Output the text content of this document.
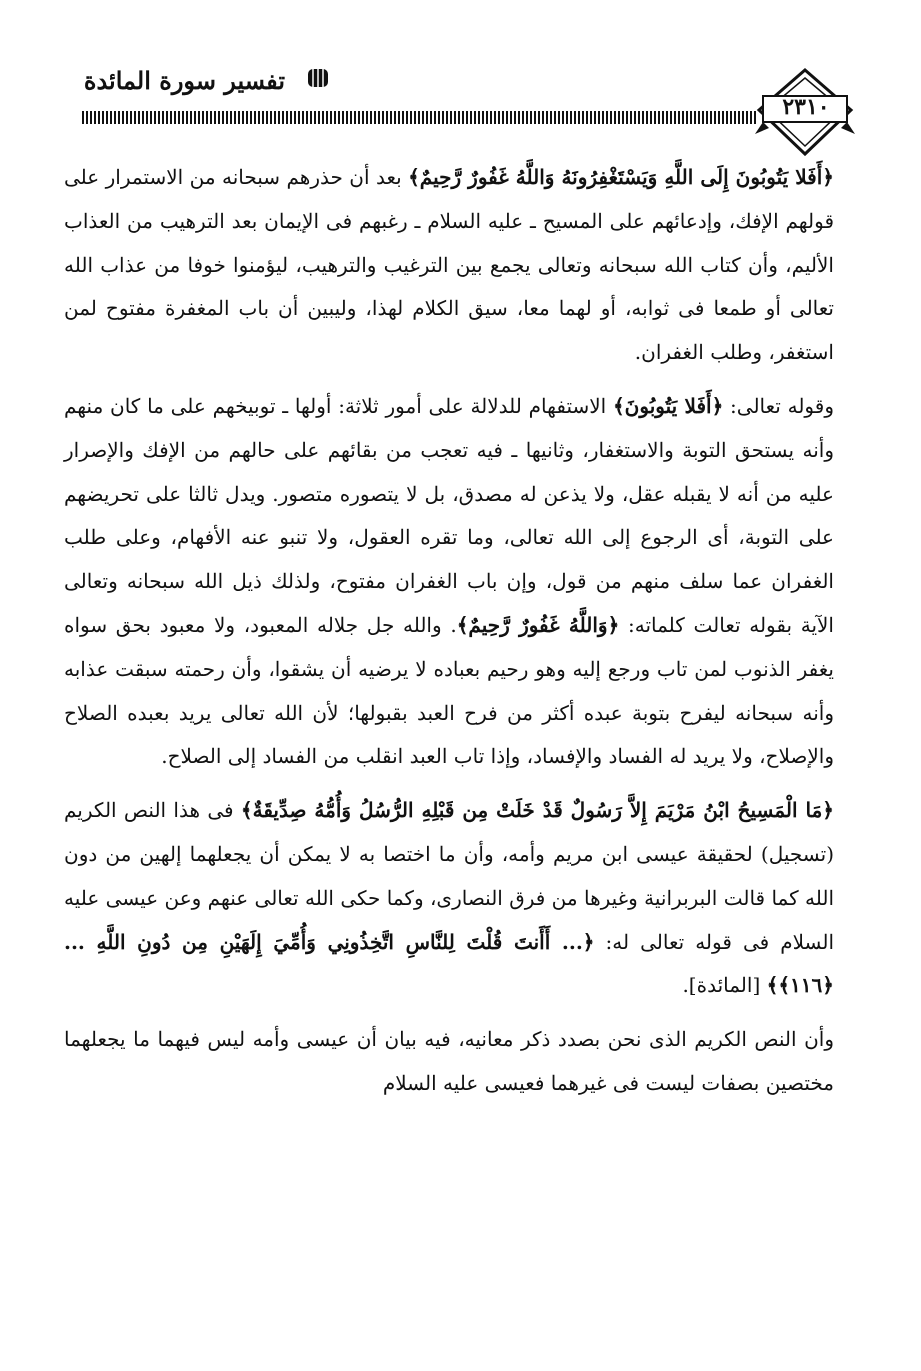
تفسير سورة المائدة
٢٣١٠

﴿أَفَلا يَتُوبُونَ إِلَى اللَّهِ وَيَسْتَغْفِرُونَهُ وَاللَّهُ غَفُورٌ رَّحِيمٌ﴾ بعد أن حذرهم سبحانه من الاستمرار على قولهم الإفك، وإدعائهم على المسيح ـ عليه السلام ـ رغبهم فى الإيمان بعد الترهيب من العذاب الأليم، وأن كتاب الله سبحانه وتعالى يجمع بين الترغيب والترهيب، ليؤمنوا خوفا من عذاب الله تعالى أو طمعا فى ثوابه، أو لهما معا، سيق الكلام لهذا، وليبين أن باب المغفرة مفتوح لمن استغفر، وطلب الغفران.

وقوله تعالى: ﴿أَفَلا يَتُوبُونَ﴾ الاستفهام للدلالة على أمور ثلاثة: أولها ـ توبيخهم على ما كان منهم وأنه يستحق التوبة والاستغفار، وثانيها ـ فيه تعجب من بقائهم على حالهم من الإفك والإصرار عليه من أنه لا يقبله عقل، ولا يذعن له مصدق، بل لا يتصوره متصور. ويدل ثالثا على تحريضهم على التوبة، أى الرجوع إلى الله تعالى، وما تقره العقول، ولا تنبو عنه الأفهام، وعلى طلب الغفران عما سلف منهم من قول، وإن باب الغفران مفتوح، ولذلك ذيل الله سبحانه وتعالى الآية بقوله تعالت كلماته: ﴿وَاللَّهُ غَفُورٌ رَّحِيمٌ﴾. والله جل جلاله المعبود، ولا معبود بحق سواه يغفر الذنوب لمن تاب ورجع إليه وهو رحيم بعباده لا يرضيه أن يشقوا، وأن رحمته سبقت عذابه وأنه سبحانه ليفرح بتوبة عبده أكثر من فرح العبد بقبولها؛ لأن الله تعالى يريد بعبده الصلاح والإصلاح، ولا يريد له الفساد والإفساد، وإذا تاب العبد انقلب من الفساد إلى الصلاح.

﴿مَا الْمَسِيحُ ابْنُ مَرْيَمَ إِلاَّ رَسُولٌ قَدْ خَلَتْ مِن قَبْلِهِ الرُّسُلُ وَأُمُّهُ صِدِّيقَةٌ﴾ فى هذا النص الكريم (تسجيل) لحقيقة عيسى ابن مريم وأمه، وأن ما اختصا به لا يمكن أن يجعلهما إلهين من دون الله كما قالت البربرانية وغيرها من فرق النصارى، وكما حكى الله تعالى عنهم وعن عيسى عليه السلام فى قوله تعالى له: ﴿... أَأَنتَ قُلْتَ لِلنَّاسِ اتَّخِذُونِي وَأُمِّيَ إِلَهَيْنِ مِن دُونِ اللَّهِ ... ﴿١١٦﴾﴾ [المائدة].

وأن النص الكريم الذى نحن بصدد ذكر معانيه، فيه بيان أن عيسى وأمه ليس فيهما ما يجعلهما مختصين بصفات ليست فى غيرهما فعيسى عليه السلام
